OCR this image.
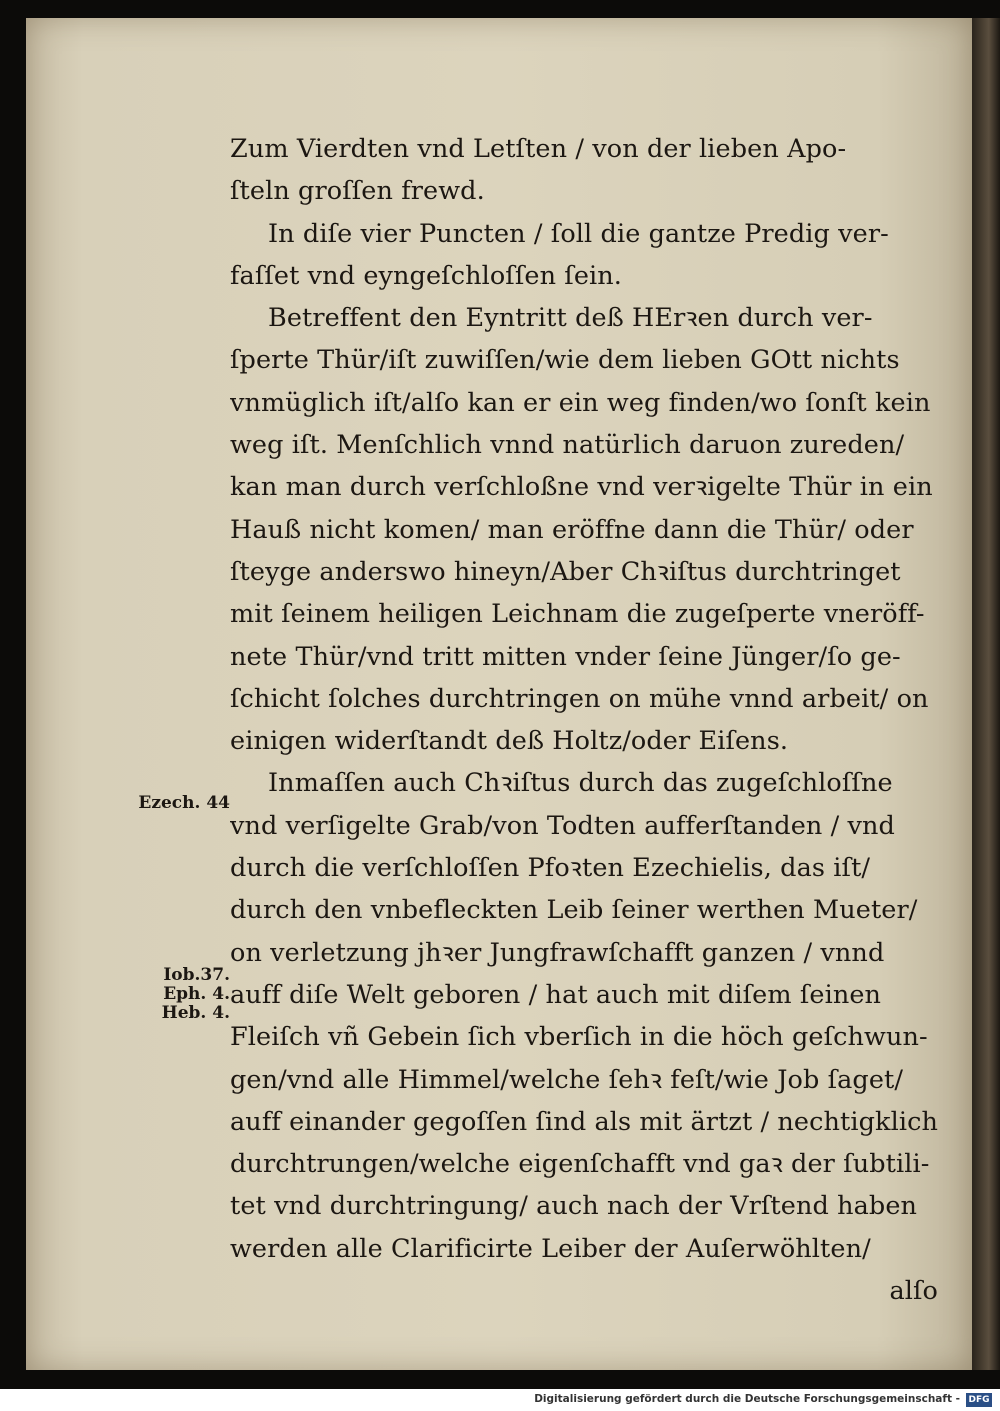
Zum Vierdten vnd Letſten / von der lieben Apo-
ſteln groſſen frewd.
In diſe vier Puncten / ſoll die gantze Predig ver-
faſſet vnd eyngeſchloſſen ſein.
Betreffent den Eyntritt deß HErꝛen durch ver-
ſperte Thür/iſt zuwiſſen/wie dem lieben GOtt nichts
vnmüglich iſt/alſo kan er ein weg finden/wo ſonſt kein
weg iſt. Menſchlich vnnd natürlich daruon zureden/
kan man durch verſchloßne vnd verꝛigelte Thür in ein
Hauß nicht komen/ man eröffne dann die Thür/ oder
ſteyge anderswo hineyn/Aber Chꝛiſtus durchtringet
mit ſeinem heiligen Leichnam die zugeſperte vneröff-
nete Thür/vnd tritt mitten vnder ſeine Jünger/ſo ge-
ſchicht ſolches durchtringen on mühe vnnd arbeit/ on
einigen widerſtandt deß Holtz/oder Eiſens.
Inmaſſen auch Chꝛiſtus durch das zugeſchloſſne
vnd verſigelte Grab/von Todten aufferſtanden / vnd
durch die verſchloſſen Pfoꝛten Ezechielis, das iſt/
durch den vnbefleckten Leib ſeiner werthen Mueter/
on verletzung jhꝛer Jungfrawſchafft ganzen / vnnd
auff diſe Welt geboren / hat auch mit diſem ſeinen
Fleiſch vñ Gebein ſich vberſich in die höch geſchwun-
gen/vnd alle Himmel/welche ſehꝛ feſt/wie Job ſaget/
auff einander gegoſſen ſind als mit ärtzt / nechtigklich
durchtrungen/welche eigenſchafft vnd gaꝛ der ſubtili-
tet vnd durchtringung/ auch nach der Vrſtend haben
werden alle Clarificirte Leiber der Auſerwöhlten/
alſo
Ezech. 44
Iob.37.
Eph. 4.
Heb. 4.
Digitalisierung gefördert durch die Deutsche Forschungsgemeinschaft - DFG
